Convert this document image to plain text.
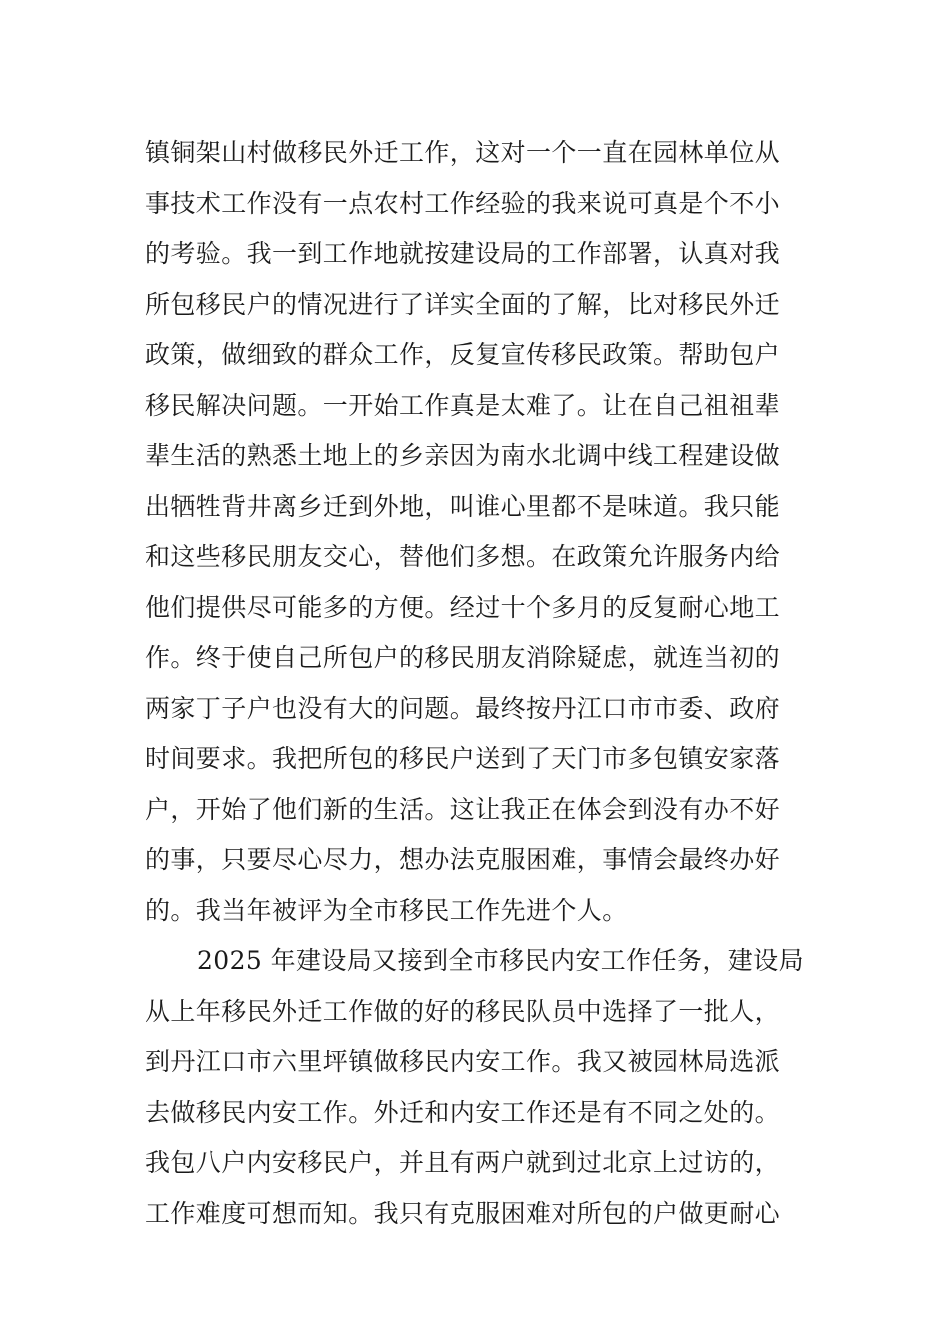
镇铜架山村做移民外迁工作，这对一个一直在园林单位从
事技术工作没有一点农村工作经验的我来说可真是个不小
的考验。我一到工作地就按建设局的工作部署，认真对我
所包移民户的情况进行了详实全面的了解，比对移民外迁
政策，做细致的群众工作，反复宣传移民政策。帮助包户
移民解决问题。一开始工作真是太难了。让在自己祖祖辈
辈生活的熟悉土地上的乡亲因为南水北调中线工程建设做
出牺牲背井离乡迁到外地，叫谁心里都不是味道。我只能
和这些移民朋友交心，替他们多想。在政策允许服务内给
他们提供尽可能多的方便。经过十个多月的反复耐心地工
作。终于使自己所包户的移民朋友消除疑虑，就连当初的
两家丁子户也没有大的问题。最终按丹江口市市委、政府
时间要求。我把所包的移民户送到了天门市多包镇安家落
户，开始了他们新的生活。这让我正在体会到没有办不好
的事，只要尽心尽力，想办法克服困难，事情会最终办好
的。我当年被评为全市移民工作先进个人。
2025 年建设局又接到全市移民内安工作任务，建设局
从上年移民外迁工作做的好的移民队员中选择了一批人，
到丹江口市六里坪镇做移民内安工作。我又被园林局选派
去做移民内安工作。外迁和内安工作还是有不同之处的。
我包八户内安移民户，并且有两户就到过北京上过访的，
工作难度可想而知。我只有克服困难对所包的户做更耐心
